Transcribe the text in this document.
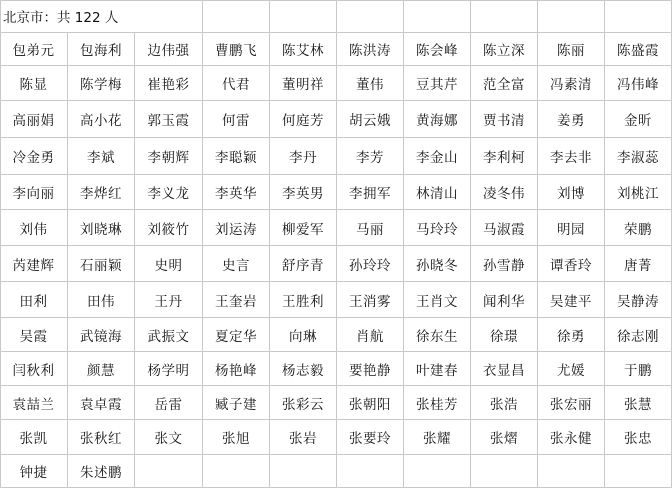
北京市：共 122 人
包弟元	包海利	边伟强	曹鹏飞	陈艾林	陈洪涛	陈会峰	陈立深	陈丽	陈盛霞
陈显	陈学梅	崔艳彩	代君	董明祥	董伟	豆其芹	范全富	冯素清	冯伟峰
高丽娟	高小花	郭玉霞	何雷	何庭芳	胡云娥	黄海娜	贾书清	姜勇	金昕
冷金勇	李斌	李朝辉	李聪颖	李丹	李芳	李金山	李利柯	李去非	李淑蕊
李向丽	李烨红	李义龙	李英华	李英男	李拥军	林清山	凌冬伟	刘博	刘桃江
刘伟	刘晓琳	刘筱竹	刘运涛	柳爱军	马丽	马玲玲	马淑霞	明园	荣鹏
芮建辉	石丽颖	史明	史言	舒序青	孙玲玲	孙晓冬	孙雪静	谭香玲	唐菁
田利	田伟	王丹	王奎岩	王胜利	王消雾	王肖文	闻利华	吴建平	吴静涛
吴霞	武镜海	武振文	夏定华	向琳	肖航	徐东生	徐璟	徐勇	徐志刚
闫秋利	颜慧	杨学明	杨艳峰	杨志毅	要艳静	叶建春	衣显昌	尤媛	于鹏
袁喆兰	袁卓霞	岳雷	臧子建	张彩云	张朝阳	张桂芳	张浩	张宏丽	张慧
张凯	张秋红	张文	张旭	张岩	张要玲	张耀	张熠	张永健	张忠
钟捷	朱述鹏
